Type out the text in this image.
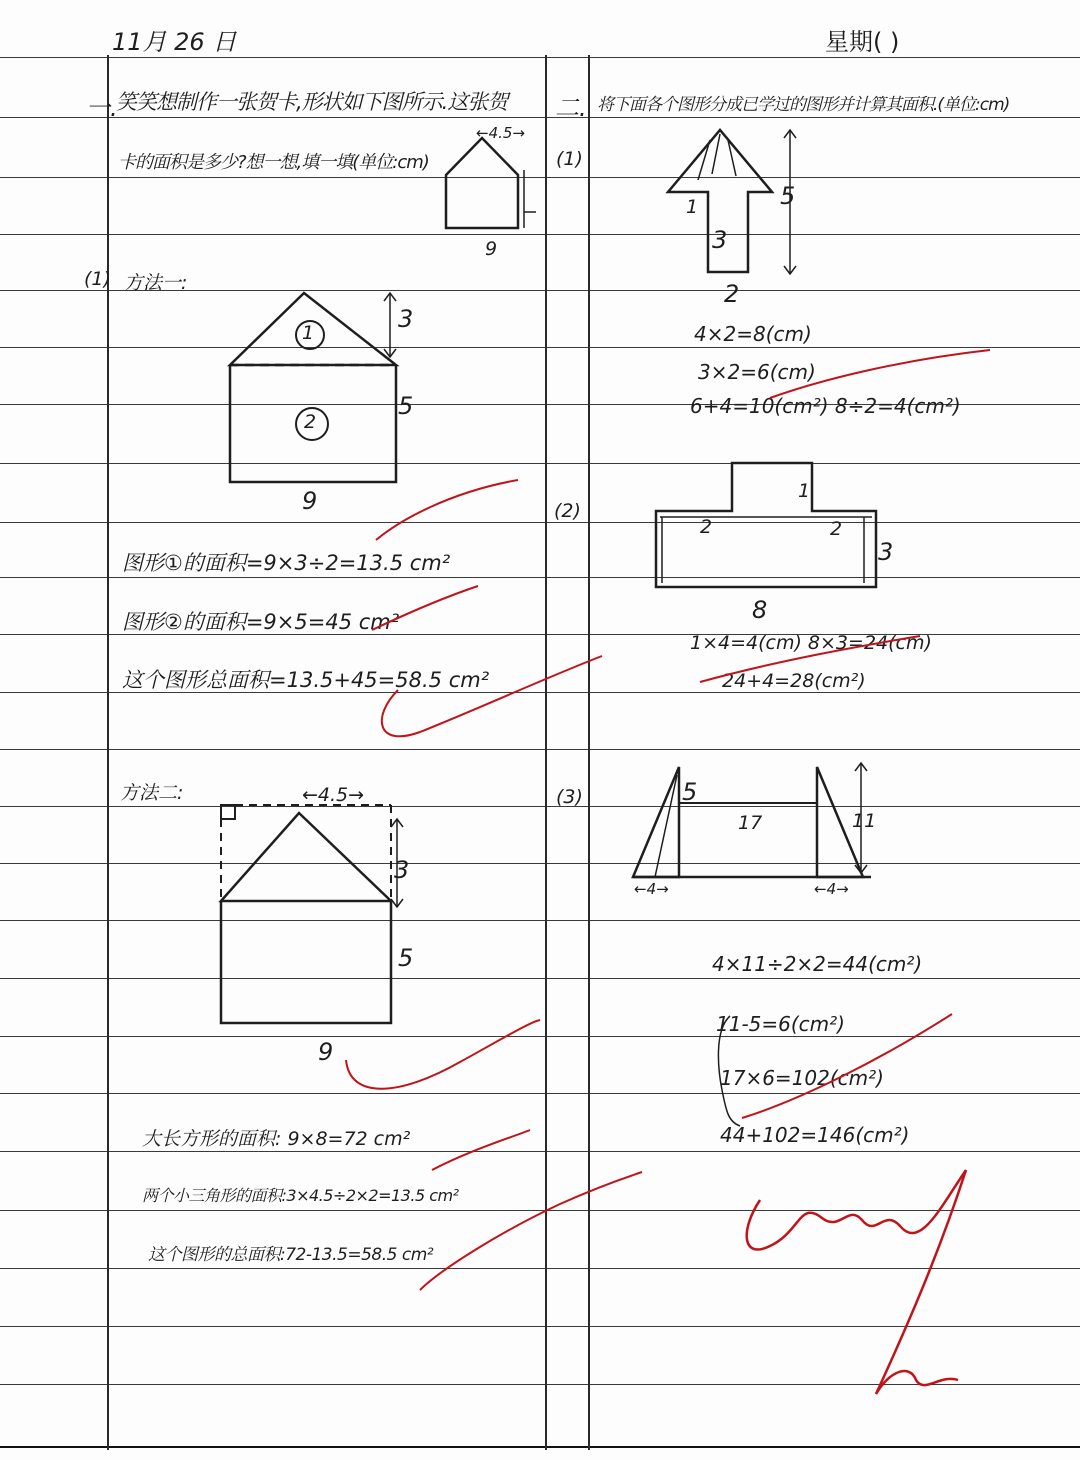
11月 26 日	星期( )
一.
笑笑想制作一张贺卡,形状如下图所示.这张贺
卡的面积是多少?想一想,填一填(单位:cm)
←4.5→
9
(1) 方法一:
1
2
3
5
9
图形①的面积=9×3÷2=13.5 cm²
图形②的面积=9×5=45 cm²
这个图形总面积=13.5+45=58.5 cm²
方法二:	←4.5→
3
5
9
大长方形的面积: 9×8=72 cm²
两个小三角形的面积:3×4.5÷2×2=13.5 cm²
这个图形的总面积:72-13.5=58.5 cm²
二. 将下面各个图形分成已学过的图形并计算其面积.(单位:cm)
(1)
1
3
5
2
4×2=8(cm)
3×2=6(cm)
6+4=10(cm²) 8÷2=4(cm²)
(2)
1
2	2
3
8
1×4=4(cm) 8×3=24(cm)
24+4=28(cm²)
(3)	5
17	11
←4→	←4→
4×11÷2×2=44(cm²)
11-5=6(cm²)
17×6=102(cm²)
44+102=146(cm²)
